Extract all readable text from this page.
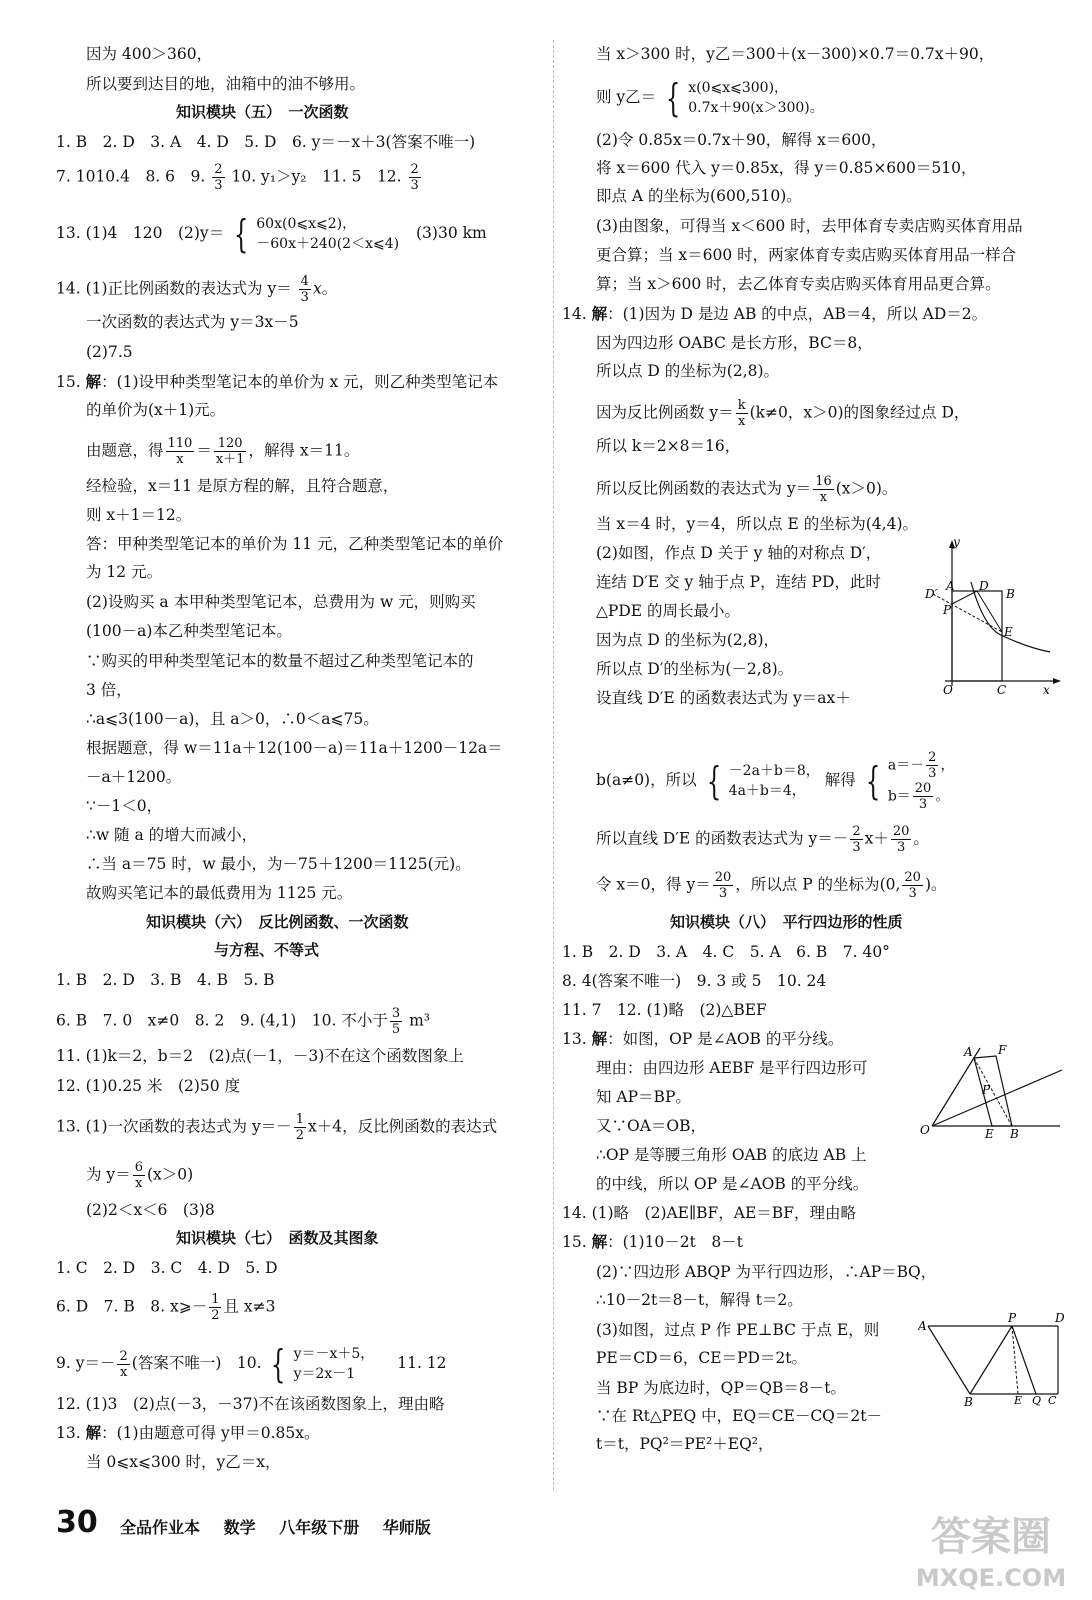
因为 400＞360，
所以要到达目的地，油箱中的油不够用。
知识模块（五）　一次函数
1. B　2. D　3. A　4. D　5. D　6. y＝－x＋3(答案不唯一)
7. 1010.4　8. 6　9. $\frac{2}{3} 10$. y₁＞y₂　11. 5　12. $\frac{2}{3}$
13. (1)4　120　(2)y＝ { 60x(0⩽x⩽2)，
－60x＋240(2＜x⩽4)
(3)30 km
14. (1)正比例函数的表达式为 $y= \frac{4}{3}$ x。
一次函数的表达式为 y＝3x－5
(2)7.5
15. 解：(1)设甲种类型笔记本的单价为 x 元，则乙种类型笔记本
的单价为(x＋1)元。
由题意，得 $\frac{110}{x} = \frac{120}{x+1}$ ，解得 x＝11。
经检验，x＝11 是原方程的解，且符合题意，
则 x＋1＝12。
答：甲种类型笔记本的单价为 11 元，乙种类型笔记本的单价
为 12 元。
(2)设购买 a 本甲种类型笔记本，总费用为 w 元，则购买
(100－a)本乙种类型笔记本。
∵购买的甲种类型笔记本的数量不超过乙种类型笔记本的
3 倍，
∴a⩽3(100－a)，且 a＞0，∴0＜a⩽75。
根据题意，得 w＝11a＋12(100－a)＝11a＋1200－12a＝
－a＋1200。
∵－1＜0，
∴w 随 a 的增大而减小，
∴当 a＝75 时，w 最小，为－75＋1200＝1125(元)。
故购买笔记本的最低费用为 1125 元。
知识模块（六）　反比例函数、一次函数
与方程、不等式
1. B　2. D　3. B　4. B　5. B
6. B　7. 0　x≠0　8. 2　9. (4,1)　10. 不小于 $\frac{3}{5} m^3$
11. (1)k＝2，b＝2　(2)点(－1，－3)不在这个函数图象上
12. (1)0.25 米　(2)50 度
13. (1)一次函数的表达式为 $y=- \frac{1}{2} x+4$，反比例函数的表达式
为 $y= \frac{6}{x} (x>0)$
(2)2＜x＜6　(3)8
知识模块（七）　函数及其图象
1. C　2. D　3. C　4. D　5. D
6. D　7. B　8. x⩾－ $\frac{1}{2}$ 且 x≠3
9. $y=- \frac{2}{x}$ (答案不唯一)　10. { y＝－x＋5，
y＝2x－1
11. 12
12. (1)3　(2)点(－3，－37)不在该函数图象上，理由略
13. 解：(1)由题意可得 y甲＝0.85x。
当 0⩽x⩽300 时，y乙＝x，
当 x＞300 时，y乙＝300＋(x－300)×0.7＝0.7x＋90，
则 y乙＝ { x(0⩽x⩽300)，
0.7x＋90(x＞300)。
(2)令 0.85x＝0.7x＋90，解得 x＝600，
将 x＝600 代入 y＝0.85x，得 y＝0.85×600＝510，
即点 A 的坐标为(600,510)。
(3)由图象，可得当 x＜600 时，去甲体育专卖店购买体育用品
更合算；当 x＝600 时，两家体育专卖店购买体育用品一样合
算；当 x＞600 时，去乙体育专卖店购买体育用品更合算。
14. 解：(1)因为 D 是边 AB 的中点，AB＝4，所以 AD＝2。
因为四边形 OABC 是长方形，BC＝8，
所以点 D 的坐标为(2,8)。
因为反比例函数 $y= \frac{k}{x} (k\ne 0$，x＞0)的图象经过点 D，
所以 k＝2×8＝16，
所以反比例函数的表达式为 $y= \frac{16}{x} (x>0)$。
当 x＝4 时，y＝4，所以点 E 的坐标为(4,4)。
(2)如图，作点 D 关于 y 轴的对称点 D′，
连结 D′E 交 y 轴于点 P，连结 PD，此时
△PDE 的周长最小。
因为点 D 的坐标为(2,8)，
所以点 D′的坐标为(－2,8)。
设直线 D′E 的函数表达式为 y＝ax＋
b(a≠0)，所以 { －2a＋b＝8，
4a＋b＝4，
解得 { $a=- \frac{2}{3}$ ，
$b= \frac{20}{3}$ 。
所以直线 D′E 的函数表达式为 $y=- \frac{2}{3} x+ \frac{20}{3}$ 。
令 x＝0，得 $y= \frac{20}{3}$ ，所以点 P 的坐标为(0, $\frac{20}{3}$ )。
知识模块（八）　平行四边形的性质
1. B　2. D　3. A　4. C　5. A　6. B　7. 40°
8. 4(答案不唯一)　9. 3 或 5　10. 24
11. 7　12. (1)略　(2)△BEF
13. 解：如图，OP 是∠AOB 的平分线。
理由：由四边形 AEBF 是平行四边形可
知 AP＝BP。
又∵OA＝OB，
∴OP 是等腰三角形 OAB 的底边 AB 上
的中线，所以 OP 是∠AOB 的平分线。
14. (1)略　(2)AE∥BF，AE＝BF，理由略
15. 解：(1)10－2t　8－t
(2)∵四边形 ABQP 为平行四边形，∴AP＝BQ，
∴10－2t＝8－t，解得 t＝2。
(3)如图，过点 P 作 PE⊥BC 于点 E，则
PE＝CD＝6，CE＝PD＝2t。
当 BP 为底边时，QP＝QB＝8－t。
∵在 Rt△PEQ 中，EQ＝CE－CQ＝2t－
t＝t，PQ²＝PE²＋EQ²，
y
D′
A D
B
P
E
O	C	x
A F
P
O	E B
A
P	D
B	E Q C
30 全品作业本 数学 八年级下册 华师版	答案圈
MXQE.COM
